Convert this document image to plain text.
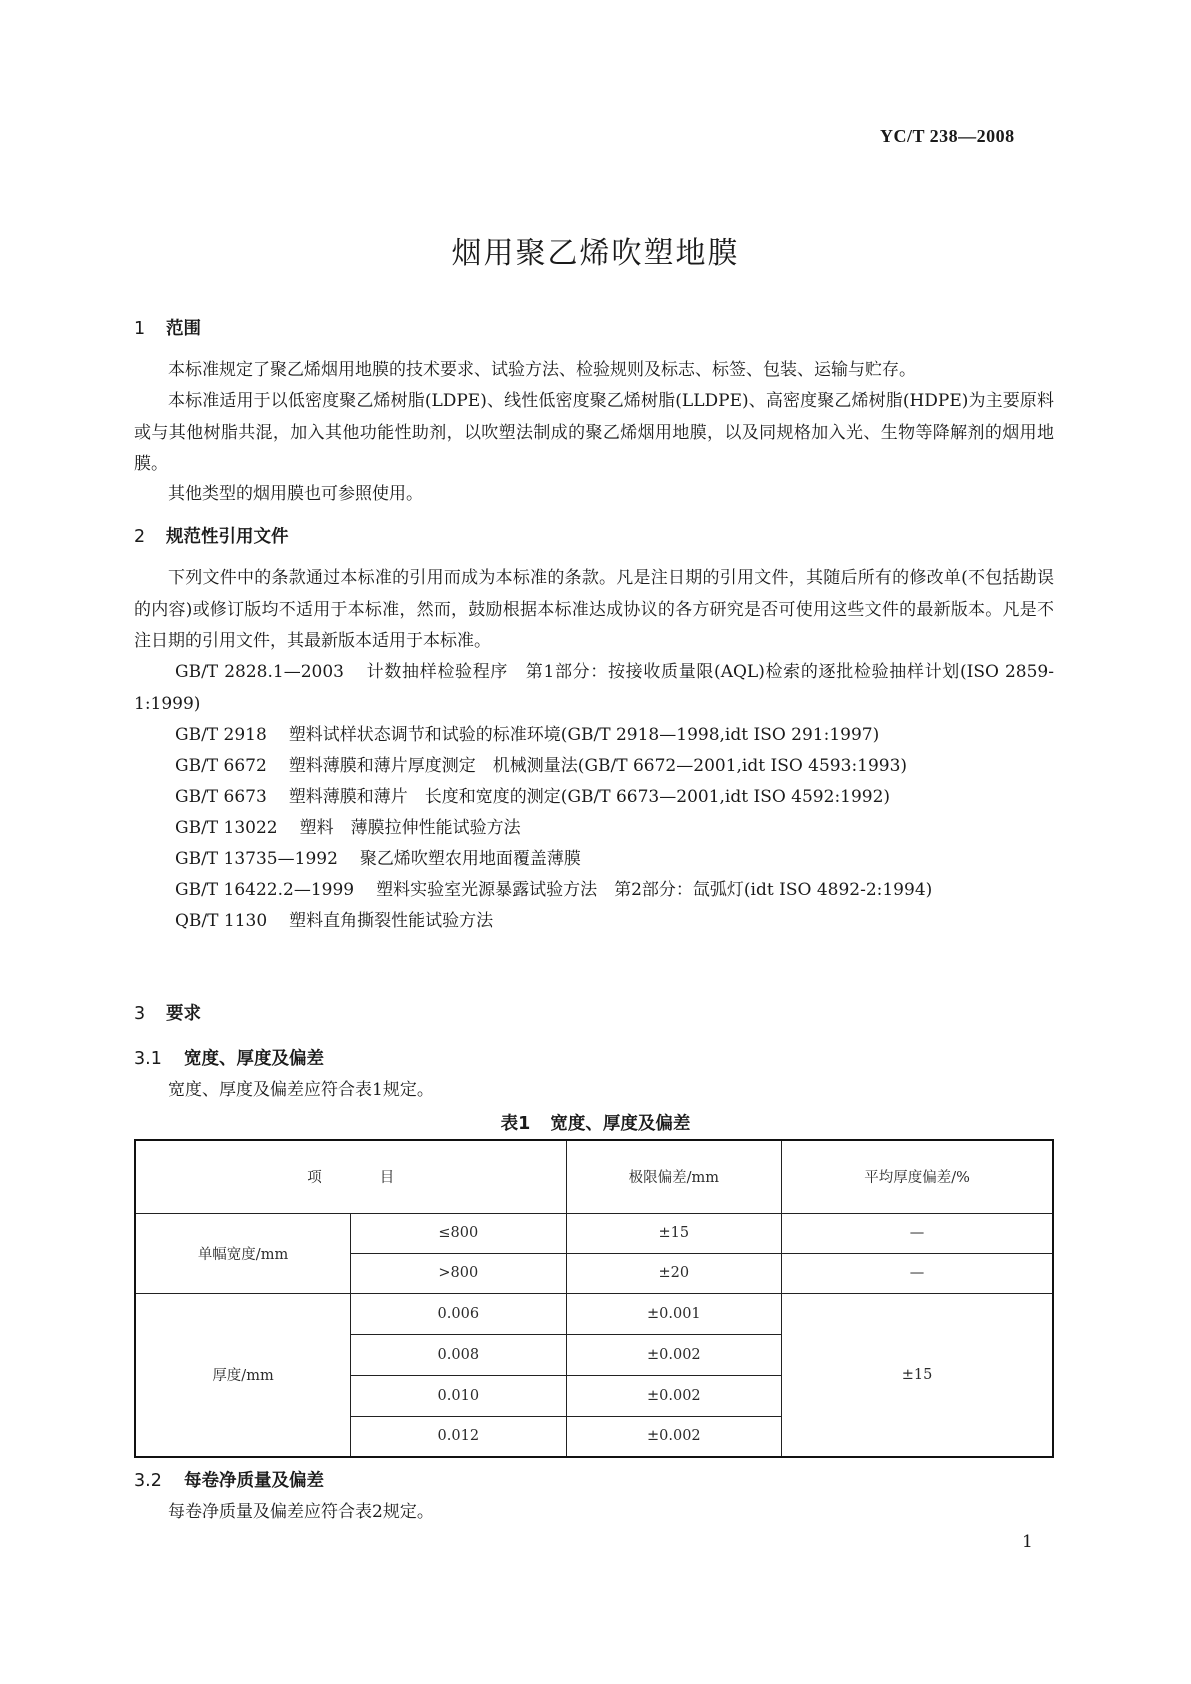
YC/T 238—2008
烟用聚乙烯吹塑地膜
1 范围
本标准规定了聚乙烯烟用地膜的技术要求、试验方法、检验规则及标志、标签、包装、运输与贮存。
本标准适用于以低密度聚乙烯树脂(LDPE)、线性低密度聚乙烯树脂(LLDPE)、高密度聚乙烯树脂(HDPE)为主要原料或与其他树脂共混，加入其他功能性助剂，以吹塑法制成的聚乙烯烟用地膜，以及同规格加入光、生物等降解剂的烟用地膜。
其他类型的烟用膜也可参照使用。
2 规范性引用文件
下列文件中的条款通过本标准的引用而成为本标准的条款。凡是注日期的引用文件，其随后所有的修改单(不包括勘误的内容)或修订版均不适用于本标准，然而，鼓励根据本标准达成协议的各方研究是否可使用这些文件的最新版本。凡是不注日期的引用文件，其最新版本适用于本标准。
GB/T 2828.1—2003 计数抽样检验程序　第1部分：按接收质量限(AQL)检索的逐批检验抽样计划(ISO 2859-1:1999)
GB/T 2918 塑料试样状态调节和试验的标准环境(GB/T 2918—1998,idt ISO 291:1997)
GB/T 6672 塑料薄膜和薄片厚度测定　机械测量法(GB/T 6672—2001,idt ISO 4593:1993)
GB/T 6673 塑料薄膜和薄片　长度和宽度的测定(GB/T 6673—2001,idt ISO 4592:1992)
GB/T 13022 塑料　薄膜拉伸性能试验方法
GB/T 13735—1992 聚乙烯吹塑农用地面覆盖薄膜
GB/T 16422.2—1999 塑料实验室光源暴露试验方法　第2部分：氙弧灯(idt ISO 4892-2:1994)
QB/T 1130 塑料直角撕裂性能试验方法
3 要求
3.1 宽度、厚度及偏差
宽度、厚度及偏差应符合表1规定。
表1 宽度、厚度及偏差
项　　　　目		极限偏差/mm	平均厚度偏差/%
单幅宽度/mm	≤800	±15	—
	>800	±20	—
厚度/mm	0.006	±0.001	±15
	0.008	±0.002	
	0.010	±0.002	
	0.012	±0.002	
3.2 每卷净质量及偏差
每卷净质量及偏差应符合表2规定。
1
